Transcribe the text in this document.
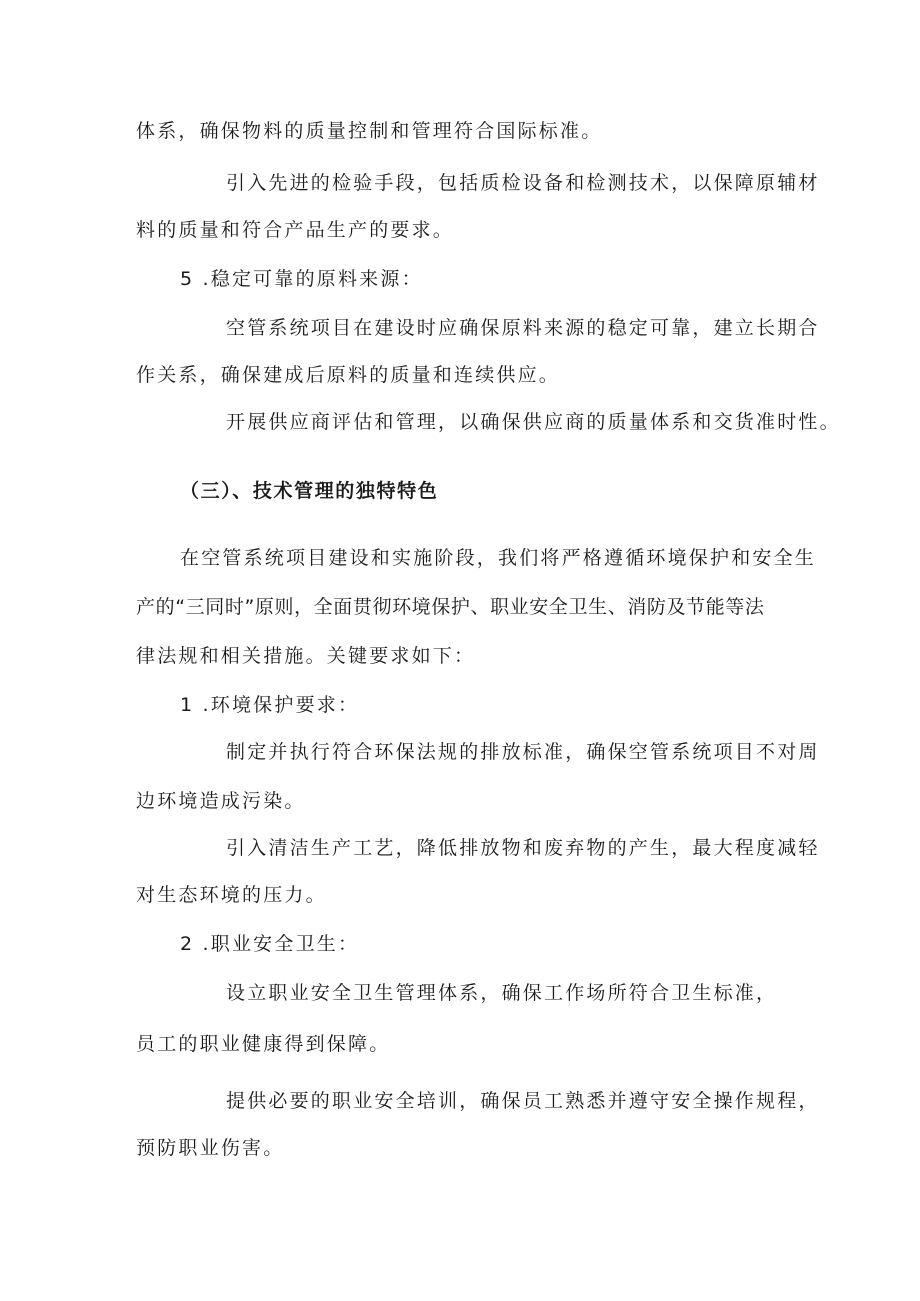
体系，确保物料的质量控制和管理符合国际标准。

引入先进的检验手段，包括质检设备和检测技术，以保障原辅材

料的质量和符合产品生产的要求。

5 .稳定可靠的原料来源：

空管系统项目在建设时应确保原料来源的稳定可靠，建立长期合

作关系，确保建成后原料的质量和连续供应。

开展供应商评估和管理，以确保供应商的质量体系和交货准时性。

（三）、技术管理的独特特色

在空管系统项目建设和实施阶段，我们将严格遵循环境保护和安全生

产的“三同时”原则，全面贯彻环境保护、职业安全卫生、消防及节能等法

律法规和相关措施。关键要求如下：

1 .环境保护要求：

制定并执行符合环保法规的排放标准，确保空管系统项目不对周

边环境造成污染。

引入清洁生产工艺，降低排放物和废弃物的产生，最大程度减轻

对生态环境的压力。

2 .职业安全卫生：

设立职业安全卫生管理体系，确保工作场所符合卫生标准，

员工的职业健康得到保障。

提供必要的职业安全培训，确保员工熟悉并遵守安全操作规程，

预防职业伤害。
